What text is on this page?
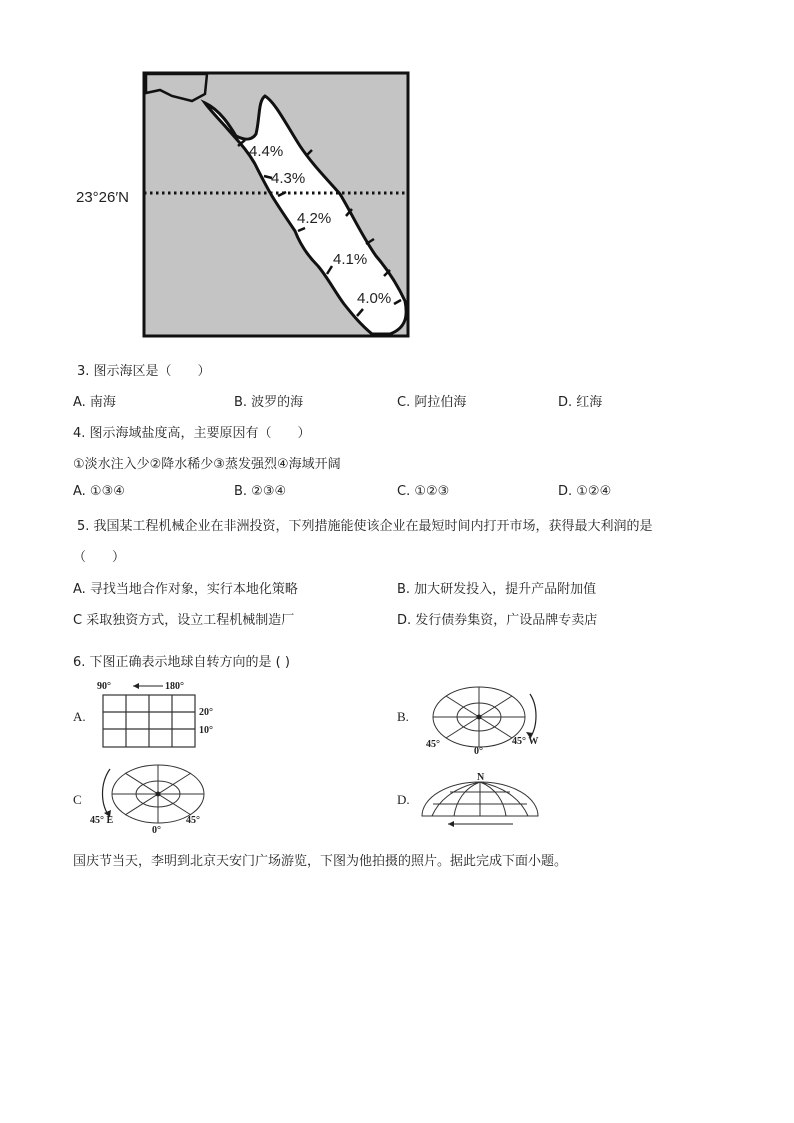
23°26′N
4.4%
4.3%
4.2%
4.1%
4.0%
3. 图示海区是（　　）
A. 南海	B. 波罗的海	C. 阿拉伯海	D. 红海
4. 图示海域盐度高，主要原因有（　　）
①淡水注入少②降水稀少③蒸发强烈④海域开阔
A. ①③④	B. ②③④	C. ①②③	D. ①②④
5. 我国某工程机械企业在非洲投资，下列措施能使该企业在最短时间内打开市场，获得最大利润的是
（　　）
A. 寻找当地合作对象，实行本地化策略	B. 加大研发投入，提升产品附加值
C 采取独资方式，设立工程机械制造厂	D. 发行债券集资，广设品牌专卖店
6. 下图正确表示地球自转方向的是 ( )
A.	B.
C	D.
90°	180°
20°
10°
45°
0°
45° W
45° E
0°
45°
N
国庆节当天，李明到北京天安门广场游览，下图为他拍摄的照片。据此完成下面小题。
